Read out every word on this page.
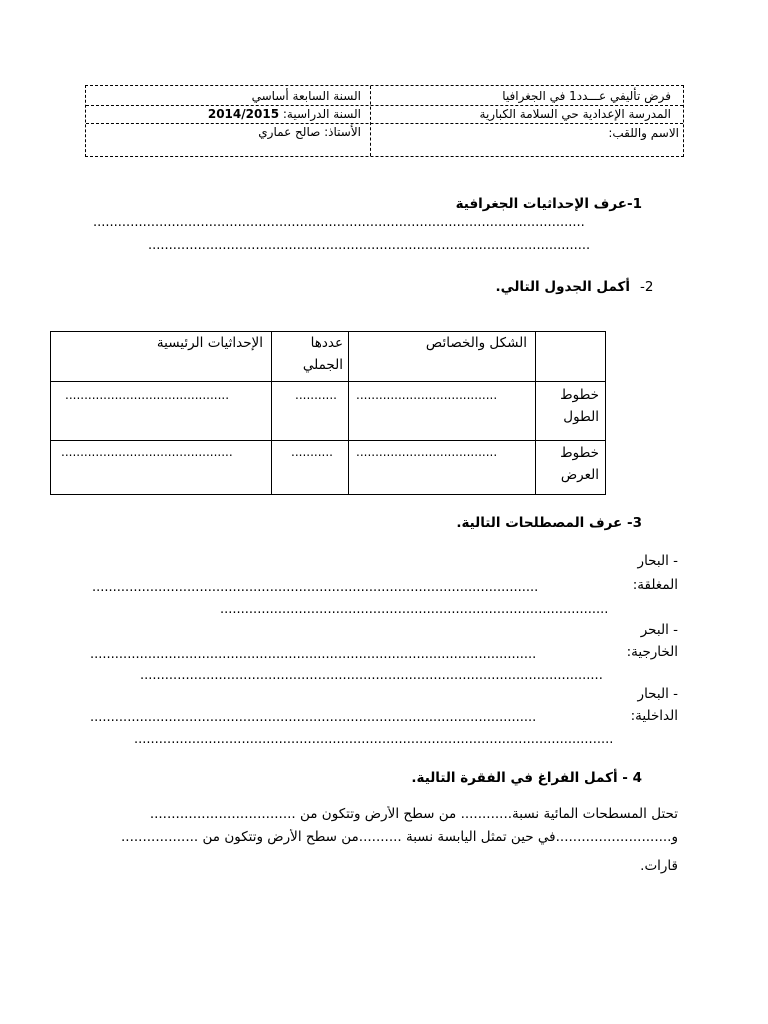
فرض تأليفي عـــدد1 في الجغرافيا
السنة السابعة أساسي
المدرسة الإعدادية حي السلامة الكبارية
السنة الدراسية: 2014/2015
الاسم واللقب:
الأستاذ: صالح عماري
1-عرف الإحداثيات الجغرافية
.......................................................................................................................
...........................................................................................................
-2
أكمل الجدول التالي.
الشكل والخصائص
عددها الجملي
الإحداثيات الرئيسية
خطوط الطول
.....................................
...........
...........................................
خطوط العرض
.....................................
...........
.............................................
3- عرف المصطلحات التالية.
- البحار
المغلقة:
............................................................................................................
..............................................................................................
- البحر
الخارجية:
............................................................................................................
................................................................................................................
- البحار
الداخلية:
............................................................................................................
....................................................................................................................
4 - أكمل الفراغ في الفقرة التالية.
تحتل المسطحات المائية نسبة............ من سطح الأرض وتتكون من ..................................
و...........................في حين تمثل اليابسة نسبة ..........من سطح الأرض وتتكون من ..................
قارات.
